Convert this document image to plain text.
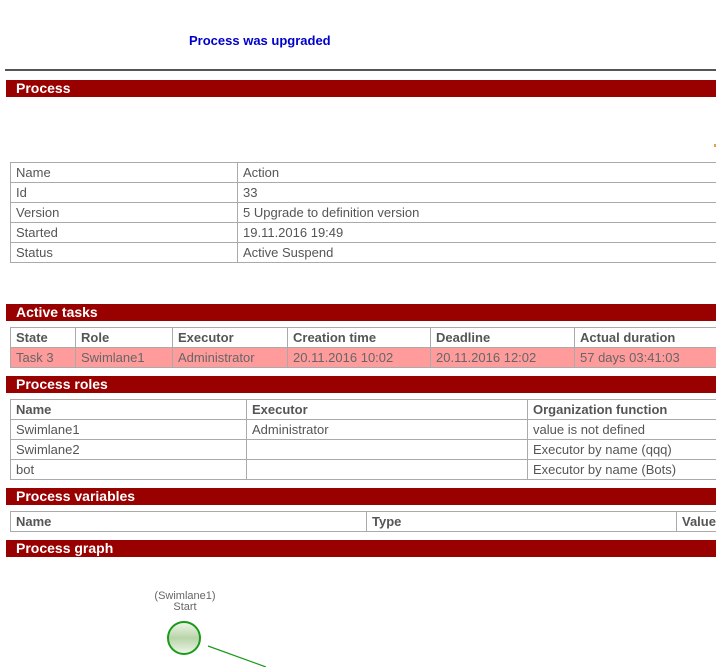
Process was upgraded
Process
Name	Action
Id	33
Version	5 Upgrade to definition version
Started	19.11.2016 19:49
Status	Active Suspend
Active tasks
State	Role	Executor	Creation time	Deadline	Actual duration
Task 3	Swimlane1	Administrator	20.11.2016 10:02	20.11.2016 12:02	57 days 03:41:03
Process roles
Name	Executor	Organization function
Swimlane1	Administrator	value is not defined
Swimlane2		Executor by name (qqq)
bot		Executor by name (Bots)
Process variables
Name	Type	Value
Process graph
(Swimlane1)
Start
